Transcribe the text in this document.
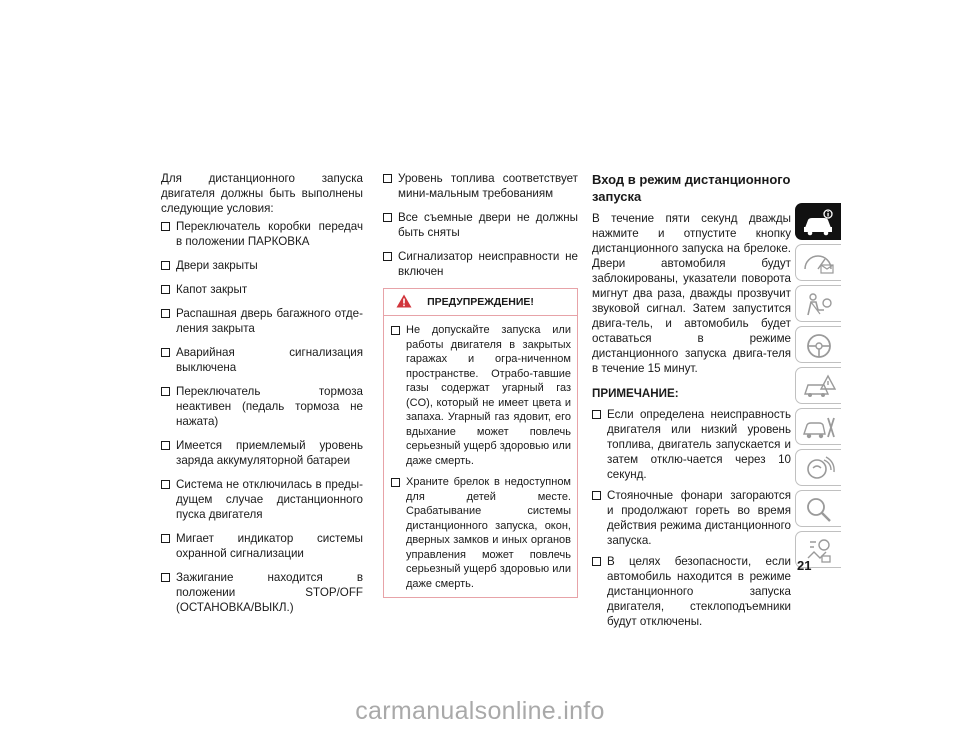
Для дистанционного запуска двигателя должны быть выполнены следующие условия:

Переключатель коробки передач в положении ПАРКОВКА
Двери закрыты
Капот закрыт
Распашная дверь багажного отде-ления закрыта
Аварийная сигнализация выключена
Переключатель тормоза неактивен (педаль тормоза не нажата)
Имеется приемлемый уровень заряда аккумуляторной батареи
Система не отключилась в преды-дущем случае дистанционного пуска двигателя
Мигает индикатор системы охранной сигнализации
Зажигание находится в положении STOP/OFF (ОСТАНОВКА/ВЫКЛ.)
Уровень топлива соответствует мини-мальным требованиям
Все съемные двери не должны быть сняты
Сигнализатор неисправности не включен
ПРЕДУПРЕЖДЕНИЕ!
Не допускайте запуска или работы двигателя в закрытых гаражах и огра-ниченном пространстве. Отрабо-тавшие газы содержат угарный газ (CO), который не имеет цвета и запаха. Угарный газ ядовит, его вдыхание может повлечь серьезный ущерб здоровью или даже смерть.
Храните брелок в недоступном для детей месте. Срабатывание системы дистанционного запуска, окон, дверных замков и иных органов управления может повлечь серьезный ущерб здоровью или даже смерть.
Вход в режим дистанционного запуска

В течение пяти секунд дважды нажмите и отпустите кнопку дистанционного запуска на брелоке. Двери автомобиля будут заблокированы, указатели поворота мигнут два раза, дважды прозвучит звуковой сигнал. Затем запустится двига-тель, и автомобиль будет оставаться в режиме дистанционного запуска двига-теля в течение 15 минут.

ПРИМЕЧАНИЕ:
Если определена неисправность двигателя или низкий уровень топлива, двигатель запускается и затем отклю-чается через 10 секунд.
Стояночные фонари загораются и продолжают гореть во время действия режима дистанционного запуска.
В целях безопасности, если автомобиль находится в режиме дистанционного запуска двигателя, стеклоподъемники будут отключены.
21
carmanualsonline.info
